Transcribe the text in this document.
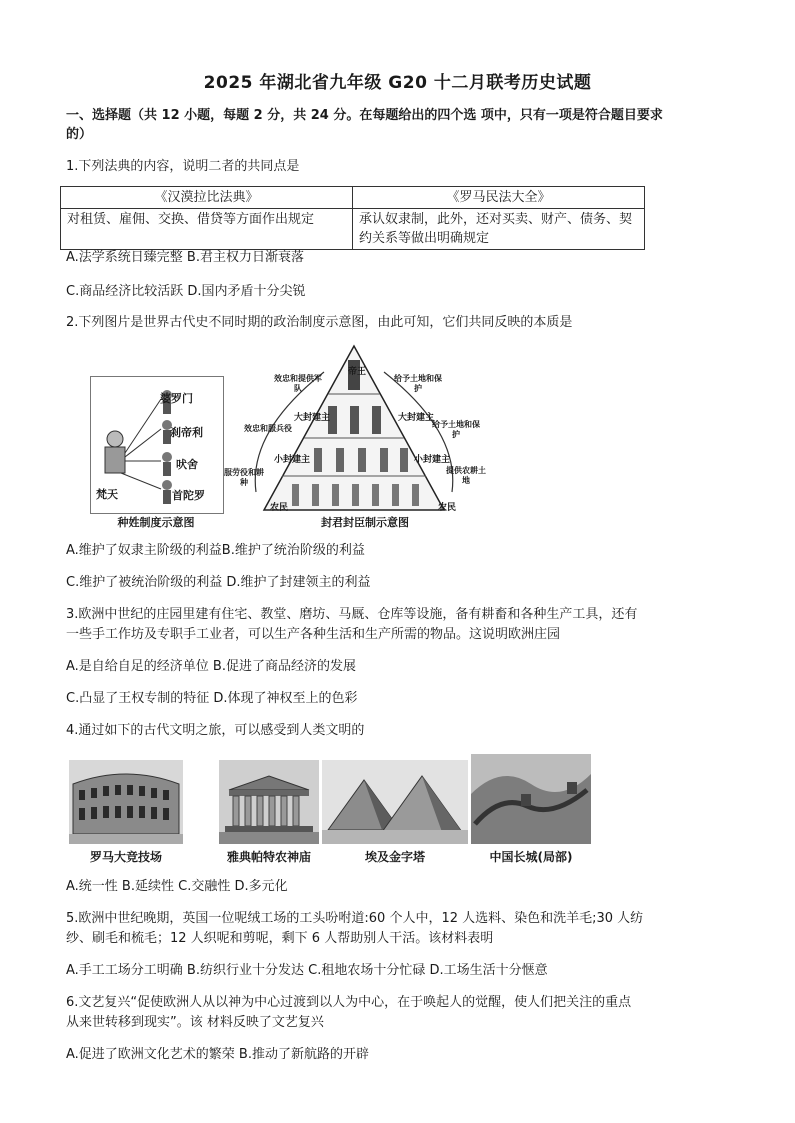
2025 年湖北省九年级 G20 十二月联考历史试题
一、选择题（共 12 小题，每题 2 分，共 24 分。在每题给出的四个选 项中，只有一项是符合题目要求
的）
1.下列法典的内容，说明二者的共同点是
《汉漠拉比法典》	《罗马民法大全》
对租赁、雇佣、交换、借贷等方面作出规定	承认奴隶制，此外，还对买卖、财产、债务、契约关系等做出明确规定
A.法学系统日臻完整 B.君主权力日渐衰落
C.商品经济比较活跃 D.国内矛盾十分尖锐
2.下列图片是世界古代史不同时期的政治制度示意图，由此可知，它们共同反映的本质是
婆罗门
刹帝利
吠舍
首陀罗
梵天
种姓制度示意图
帝王
大封建主	大封建主
小封建主	小封建主
农民	农民
效忠和提供军队
给予土地和保护
效忠和服兵役	给予土地和保护
服劳役和耕种
提供农耕土地
封君封臣制示意图
A.维护了奴隶主阶级的利益B.维护了统治阶级的利益
C.维护了被统治阶级的利益 D.维护了封建领主的利益
3.欧洲中世纪的庄园里建有住宅、教堂、磨坊、马厩、仓库等设施，备有耕畜和各种生产工具，还有
一些手工作坊及专职手工业者，可以生产各种生活和生产所需的物品。这说明欧洲庄园
A.是自给自足的经济单位 B.促进了商品经济的发展
C.凸显了王权专制的特征 D.体现了神权至上的色彩
4.通过如下的古代文明之旅，可以感受到人类文明的
罗马大竞技场	雅典帕特农神庙	埃及金字塔	中国长城(局部)
A.统一性 B.延续性 C.交融性 D.多元化
5.欧洲中世纪晚期，英国一位呢绒工场的工头吩咐道:60 个人中，12 人选料、染色和洗羊毛;30 人纺
纱、刷毛和梳毛；12 人织呢和剪呢，剩下 6 人帮助别人干活。该材料表明
A.手工工场分工明确 B.纺织行业十分发达 C.租地农场十分忙碌 D.工场生活十分惬意
6.文艺复兴“促使欧洲人从以神为中心过渡到以人为中心，在于唤起人的觉醒，使人们把关注的重点
从来世转移到现实”。该 材料反映了文艺复兴
A.促进了欧洲文化艺术的繁荣 B.推动了新航路的开辟
